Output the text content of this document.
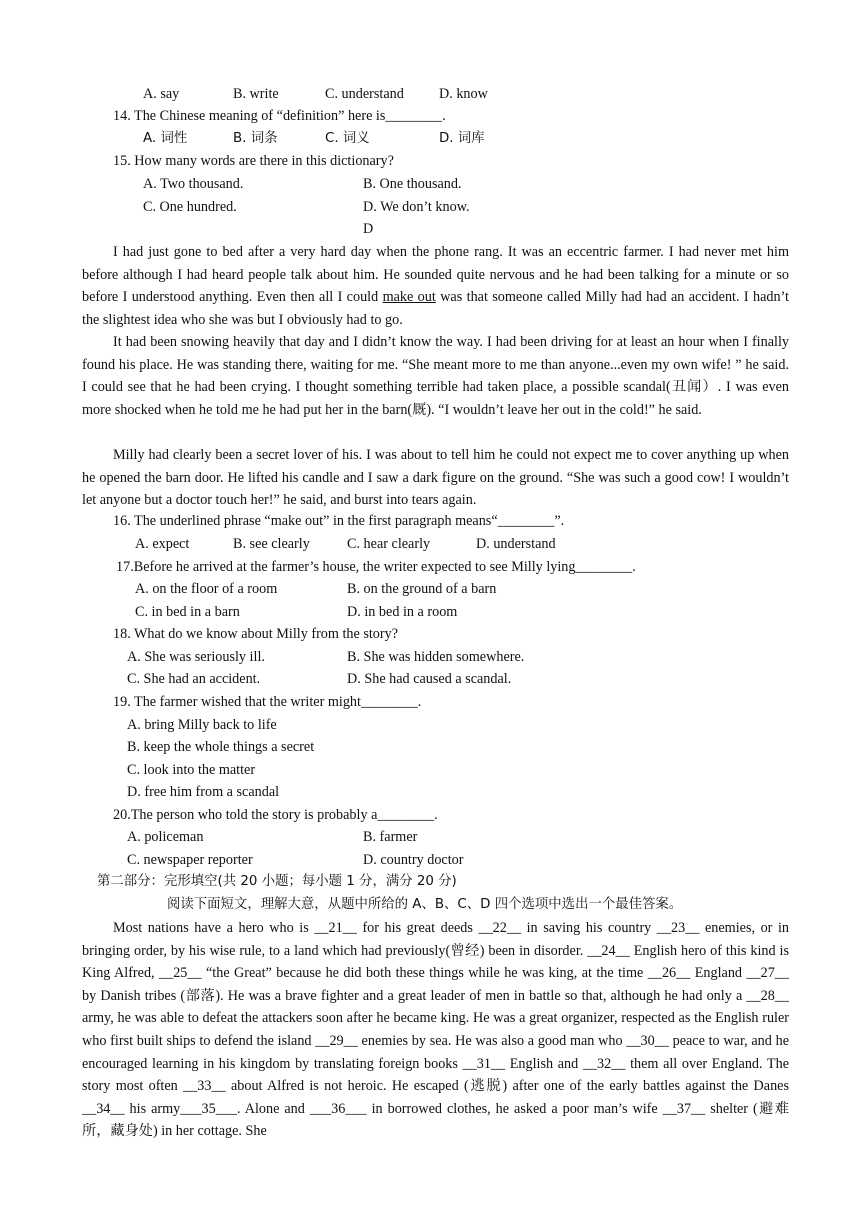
A. say	B. write	C. understand D. know
14. The Chinese meaning of “definition” here is________.
A. 词性	B. 词条	C. 词义	D. 词库
15. How many words are there in this dictionary?
A. Two thousand.	B. One thousand.
C. One hundred.	D. We don’t know.
D
I had just gone to bed after a very hard day when the phone rang. It was an eccentric farmer. I had never met him before although I had heard people talk about him. He sounded quite nervous and he had been talking for a minute or so before I understood anything. Even then all I could make out was that someone called Milly had had an accident. I hadn’t the slightest idea who she was but I obviously had to go.
It had been snowing heavily that day and I didn’t know the way. I had been driving for at least an hour when I finally found his place. He was standing there, waiting for me. “She meant more to me than anyone...even my own wife! ” he said. I could see that he had been crying. I thought something terrible had taken place, a possible scandal(丑闻）. I was even more shocked when he told me he had put her in the barn(厩). “I wouldn’t leave her out in the cold!” he said.
Milly had clearly been a secret lover of his. I was about to tell him he could not expect me to cover anything up when he opened the barn door. He lifted his candle and I saw a dark figure on the ground. “She was such a good cow! I wouldn’t let anyone but a doctor touch her!” he said, and burst into tears again.
16. The underlined phrase “make out” in the first paragraph means“________”.
A. expect	B. see clearly	C. hear clearly	D. understand
17.Before he arrived at the farmer’s house, the writer expected to see Milly lying________.
A. on the floor of a room	B. on the ground of a barn
C. in bed in a barn	D. in bed in a room
18. What do we know about Milly from the story?
A. She was seriously ill.	B. She was hidden somewhere.
C. She had an accident.	D. She had caused a scandal.
19. The farmer wished that the writer might________.
A. bring Milly back to life
B. keep the whole things a secret
C. look into the matter
D. free him from a scandal
20.The person who told the story is probably a________.
A. policeman	B. farmer
C. newspaper reporter	D. country doctor
第二部分：完形填空(共 20 小题；每小题 1 分，满分 20 分)
阅读下面短文，理解大意，从题中所给的 A、B、C、D 四个选项中选出一个最佳答案。
Most nations have a hero who is __21__ for his great deeds __22__ in saving his country __23__ enemies, or in bringing order, by his wise rule, to a land which had previously(曾经) been in disorder. __24__ English hero of this kind is King Alfred, __25__ “the Great” because he did both these things while he was king, at the time __26__ England __27__ by Danish tribes (部落). He was a brave fighter and a great leader of men in battle so that, although he had only a __28__ army, he was able to defeat the attackers soon after he became king. He was a great organizer, respected as the English ruler who first built ships to defend the island __29__ enemies by sea. He was also a good man who __30__ peace to war, and he encouraged learning in his kingdom by translating foreign books __31__ English and __32__ them all over England. The story most often __33__ about Alfred is not heroic. He escaped (逃脱) after one of the early battles against the Danes __34__ his army___35___. Alone and ___36___ in borrowed clothes, he asked a poor man’s wife __37__ shelter (避难所，藏身处) in her cottage. She
